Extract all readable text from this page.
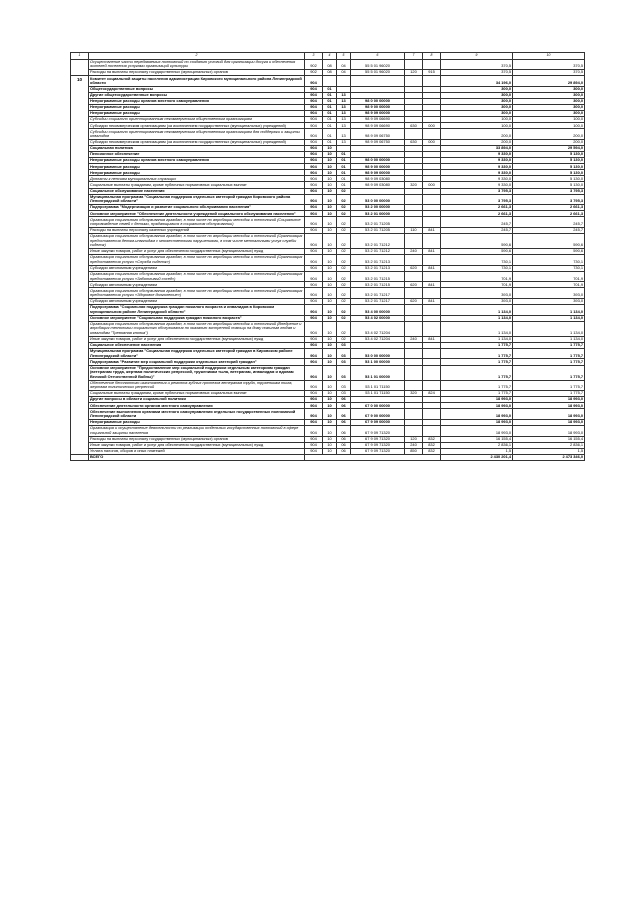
1	2	3	4	5	6	7	8	9	10
	Осуществление части передаваемых полномочий по созданию условий для организации досуга и обеспечения жителей поселения услугами организаций культуры	902	08	04	55 5 01 96020			370,5	370,5
	Расходы на выплаты персоналу государственных (муниципальных) органов	902	08	04	55 5 01 96020	120	915	370,5	370,5
10	Комитет социальной защиты населения администрации Кировского муниципального района Ленинградской области	904						34 196,0	29 894,0
	Общегосударственные вопросы	904	01					300,0	300,0
	Другие общегосударственные вопросы	904	01	13				300,0	300,0
	Непрограммные расходы органов местного самоуправления	904	01	13	98 0 00 00000			300,0	300,0
	Непрограммные расходы	904	01	13	98 9 00 00000			300,0	300,0
	Непрограммные расходы	904	01	13	98 9 09 00000			300,0	300,0
	Субсидии социально ориентированным некоммерческим общественным организациям	904	01	13	98 9 09 06690			100,0	100,0
	Субсидии некоммерческим организациям (за исключением государственных (муниципальных) учреждений)	904	01	13	98 9 09 06690	630	000	100,0	100,0
	Субсидии социально ориентированным некоммерческим общественным организациям для поддержки и защиты инвалидов	904	01	13	98 9 09 06750			200,0	200,0
	Субсидии некоммерческим организациям (за исключением государственных (муниципальных) учреждений)	904	01	13	98 9 09 06750	630	000	200,0	200,0
	Социальная политика	904	10					33 894,0	29 594,0
	Пенсионное обеспечение	904	10	01				9 330,0	5 130,0
	Непрограммные расходы органов местного самоуправления	904	10	01	98 0 00 00000			9 330,0	5 130,0
	Непрограммные расходы	904	10	01	98 9 00 00000			9 330,0	5 130,0
	Непрограммные расходы	904	10	01	98 9 09 00000			9 330,0	5 130,0
	Доплаты к пенсиям муниципальных служащих	904	10	01	98 9 09 03080			9 330,0	5 130,0
	Социальные выплаты гражданам, кроме публичных нормативных социальных выплат	904	10	01	98 9 09 03080	320	000	9 330,0	5 130,0
	Социальное обслуживание населения	904	10	02				3 795,3	3 795,3
	Муниципальная программа "Социальная поддержка отдельных категорий граждан Кировского района Ленинградской области"	904	10	02	53 0 00 00000			3 795,3	3 795,3
	Подпрограмма "Модернизация и развитие социального обслуживания населения"	904	10	02	53 2 00 00000			2 661,3	2 661,3
	Основное мероприятие "Обеспечение деятельности учреждений социального обслуживания населения"	904	10	02	53 2 01 00000			2 661,3	2 661,3
	Организация социального обслуживания граждан, в том числе по апробации методик и технологий (Социальное сопровождение семей с детьми, нуждающимися в социальном обслуживании)	904	10	02	53 2 01 71205			245,7	245,7
	Расходы на выплаты персоналу казенных учреждений	904	10	02	53 2 01 71205	110	841	245,7	245,7
	Организация социального обслуживания граждан, в том числе по апробации методик и технологий (Организация предоставления детям-инвалидам с множественными нарушениями, в том числе ментальными услуг службы сиделок)	904	10	02	53 2 01 71212			590,6	590,6
	Иные закупки товаров, работ и услуг для обеспечения государственных (муниципальных) нужд	904	10	02	53 2 01 71212	240	841	590,6	590,6
	Организация социального обслуживания граждан, в том числе по апробации методик и технологий (Организация предоставления услуги «Служба сиделок»)	904	10	02	53 2 01 71213			730,1	730,1
	Субсидии автономным учреждениям	904	10	02	53 2 01 71213	620	841	730,1	730,1
	Организация социального обслуживания граждан, в том числе по апробации методик и технологий (Организация предоставления услуги «Заботливый сосед»)	904	10	02	53 2 01 71215			701,9	701,9
	Субсидии автономным учреждениям	904	10	02	53 2 01 71215	620	841	701,9	701,9
	Организация социального обслуживания граждан, в том числе по апробации методик и технологий (Организация предоставления услуги «Здоровое долголетие»)	904	10	02	53 2 01 71217			393,0	393,0
	Субсидии автономным учреждениям	904	10	02	53 2 01 71217	620	841	393,0	393,0
	Подпрограмма "Социальная поддержка граждан пожилого возраста и инвалидов в Кировском муниципальном районе Ленинградской области"	904	10	02	53 4 00 00000			1 134,0	1 134,0
	Основное мероприятие "Социальная поддержка граждан пожилого возраста"	904	10	02	53 4 02 00000			1 134,0	1 134,0
	Организация социального обслуживания граждан, в том числе по апробации методик и технологий (Внедрение и апробация технологии социального обслуживания по оказанию экстренной помощи на дому пожилым людям и инвалидам "Тревожная кнопка")	904	10	02	53 4 02 71204			1 134,0	1 134,0
	Иные закупки товаров, работ и услуг для обеспечения государственных (муниципальных) нужд	904	10	02	53 4 02 71204	240	841	1 134,0	1 134,0
	Социальное обеспечение населения	904	10	03				1 775,7	1 775,7
	Муниципальная программа "Социальная поддержка отдельных категорий граждан в Кировском районе Ленинградской области"	904	10	03	53 0 00 00000			1 775,7	1 775,7
	Подпрограмма "Развитие мер социальной поддержки отдельных категорий граждан"	904	10	03	53 1 00 00000			1 775,7	1 775,7
	Основное мероприятие "Предоставление мер социальной поддержки отдельным категориям граждан (ветеранам труда, жертвам политических репрессий, труженикам тыла, ветеранам, инвалидам и вдовам Великой Отечественной Войны)"	904	10	03	53 1 01 00000			1 775,7	1 775,7
	Обеспечение бесплатного изготовления и ремонта зубных протезов ветеранам труда, труженикам тыла, жертвам политических репрессий	904	10	03	53 1 01 71150			1 775,7	1 775,7
	Социальные выплаты гражданам, кроме публичных нормативных социальных выплат	904	10	03	53 1 01 71150	320	824	1 775,7	1 775,7
	Другие вопросы в области социальной политики	904	10	06				18 993,0	18 993,0
	Обеспечение деятельности органов местного самоуправления	904	10	06	67 0 00 00000			18 993,0	18 993,0
	Обеспечение выполнения органами местного самоуправления отдельных государственных полномочий Ленинградской области	904	10	06	67 9 00 00000			18 993,0	18 993,0
	Непрограммные расходы	904	10	06	67 9 09 00000			18 993,0	18 993,0
	Организация и осуществление деятельности по реализации отдельных государственных полномочий в сфере социальной защиты населения	904	10	06	67 9 09 71320			18 993,0	18 993,0
	Расходы на выплаты персоналу государственных (муниципальных) органов	904	10	06	67 9 09 71320	120	832	16 155,4	16 155,4
	Иные закупки товаров, работ и услуг для обеспечения государственных (муниципальных) нужд	904	10	06	67 9 09 71320	240	832	2 836,1	2 836,1
	Уплата налогов, сборов и иных платежей	904	10	06	67 9 09 71320	850	832	1,5	1,5
	ВСЕГО							2 430 201,4	2 473 346,0
